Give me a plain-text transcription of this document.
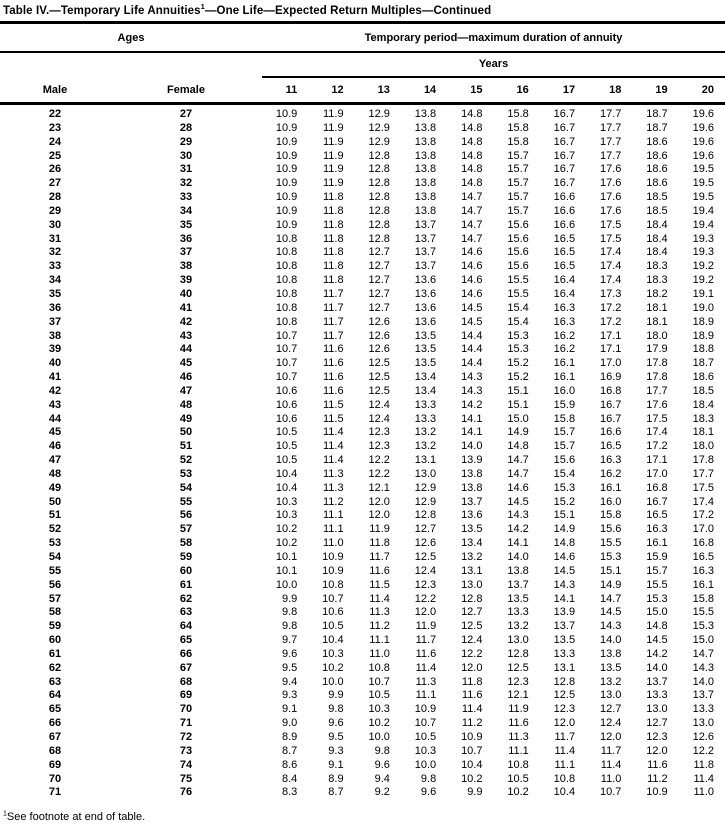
Table IV.—Temporary Life Annuities$^1$—One Life—Expected Return Multiples—Continued
Ages		Temporary period—maximum duration of annuity									
		Years									
Male	Female	11	12	13	14	15	16	17	18	19	20
22	27	10.9	11.9	12.9	13.8	14.8	15.8	16.7	17.7	18.7	19.6
23	28	10.9	11.9	12.9	13.8	14.8	15.8	16.7	17.7	18.7	19.6
24	29	10.9	11.9	12.9	13.8	14.8	15.8	16.7	17.7	18.6	19.6
25	30	10.9	11.9	12.8	13.8	14.8	15.7	16.7	17.7	18.6	19.6
26	31	10.9	11.9	12.8	13.8	14.8	15.7	16.7	17.6	18.6	19.5
27	32	10.9	11.9	12.8	13.8	14.8	15.7	16.7	17.6	18.6	19.5
28	33	10.9	11.8	12.8	13.8	14.7	15.7	16.6	17.6	18.5	19.5
29	34	10.9	11.8	12.8	13.8	14.7	15.7	16.6	17.6	18.5	19.4
30	35	10.9	11.8	12.8	13.7	14.7	15.6	16.6	17.5	18.4	19.4
31	36	10.8	11.8	12.8	13.7	14.7	15.6	16.5	17.5	18.4	19.3
32	37	10.8	11.8	12.7	13.7	14.6	15.6	16.5	17.4	18.4	19.3
33	38	10.8	11.8	12.7	13.7	14.6	15.6	16.5	17.4	18.3	19.2
34	39	10.8	11.8	12.7	13.6	14.6	15.5	16.4	17.4	18.3	19.2
35	40	10.8	11.7	12.7	13.6	14.6	15.5	16.4	17.3	18.2	19.1
36	41	10.8	11.7	12.7	13.6	14.5	15.4	16.3	17.2	18.1	19.0
37	42	10.8	11.7	12.6	13.6	14.5	15.4	16.3	17.2	18.1	18.9
38	43	10.7	11.7	12.6	13.5	14.4	15.3	16.2	17.1	18.0	18.9
39	44	10.7	11.6	12.6	13.5	14.4	15.3	16.2	17.1	17.9	18.8
40	45	10.7	11.6	12.5	13.5	14.4	15.2	16.1	17.0	17.8	18.7
41	46	10.7	11.6	12.5	13.4	14.3	15.2	16.1	16.9	17.8	18.6
42	47	10.6	11.6	12.5	13.4	14.3	15.1	16.0	16.8	17.7	18.5
43	48	10.6	11.5	12.4	13.3	14.2	15.1	15.9	16.7	17.6	18.4
44	49	10.6	11.5	12.4	13.3	14.1	15.0	15.8	16.7	17.5	18.3
45	50	10.5	11.4	12.3	13.2	14.1	14.9	15.7	16.6	17.4	18.1
46	51	10.5	11.4	12.3	13.2	14.0	14.8	15.7	16.5	17.2	18.0
47	52	10.5	11.4	12.2	13.1	13.9	14.7	15.6	16.3	17.1	17.8
48	53	10.4	11.3	12.2	13.0	13.8	14.7	15.4	16.2	17.0	17.7
49	54	10.4	11.3	12.1	12.9	13.8	14.6	15.3	16.1	16.8	17.5
50	55	10.3	11.2	12.0	12.9	13.7	14.5	15.2	16.0	16.7	17.4
51	56	10.3	11.1	12.0	12.8	13.6	14.3	15.1	15.8	16.5	17.2
52	57	10.2	11.1	11.9	12.7	13.5	14.2	14.9	15.6	16.3	17.0
53	58	10.2	11.0	11.8	12.6	13.4	14.1	14.8	15.5	16.1	16.8
54	59	10.1	10.9	11.7	12.5	13.2	14.0	14.6	15.3	15.9	16.5
55	60	10.1	10.9	11.6	12.4	13.1	13.8	14.5	15.1	15.7	16.3
56	61	10.0	10.8	11.5	12.3	13.0	13.7	14.3	14.9	15.5	16.1
57	62	9.9	10.7	11.4	12.2	12.8	13.5	14.1	14.7	15.3	15.8
58	63	9.8	10.6	11.3	12.0	12.7	13.3	13.9	14.5	15.0	15.5
59	64	9.8	10.5	11.2	11.9	12.5	13.2	13.7	14.3	14.8	15.3
60	65	9.7	10.4	11.1	11.7	12.4	13.0	13.5	14.0	14.5	15.0
61	66	9.6	10.3	11.0	11.6	12.2	12.8	13.3	13.8	14.2	14.7
62	67	9.5	10.2	10.8	11.4	12.0	12.5	13.1	13.5	14.0	14.3
63	68	9.4	10.0	10.7	11.3	11.8	12.3	12.8	13.2	13.7	14.0
64	69	9.3	9.9	10.5	11.1	11.6	12.1	12.5	13.0	13.3	13.7
65	70	9.1	9.8	10.3	10.9	11.4	11.9	12.3	12.7	13.0	13.3
66	71	9.0	9.6	10.2	10.7	11.2	11.6	12.0	12.4	12.7	13.0
67	72	8.9	9.5	10.0	10.5	10.9	11.3	11.7	12.0	12.3	12.6
68	73	8.7	9.3	9.8	10.3	10.7	11.1	11.4	11.7	12.0	12.2
69	74	8.6	9.1	9.6	10.0	10.4	10.8	11.1	11.4	11.6	11.8
70	75	8.4	8.9	9.4	9.8	10.2	10.5	10.8	11.0	11.2	11.4
71	76	8.3	8.7	9.2	9.6	9.9	10.2	10.4	10.7	10.9	11.0
$^1$See footnote at end of table.
